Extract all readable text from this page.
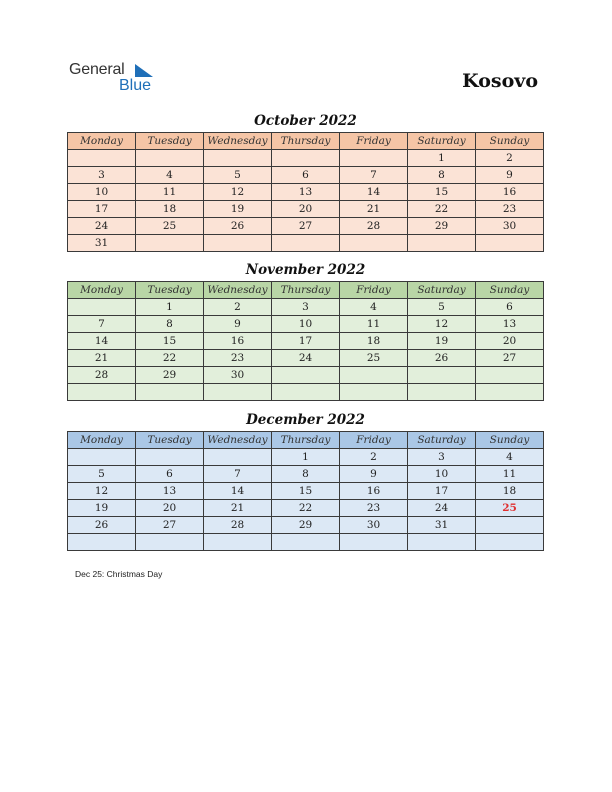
General
Blue	Kosovo
October 2022
Monday	Tuesday	Wednesday	Thursday	Friday	Saturday	Sunday
					1	2
3	4	5	6	7	8	9
10	11	12	13	14	15	16
17	18	19	20	21	22	23
24	25	26	27	28	29	30
31						
November 2022
Monday	Tuesday	Wednesday	Thursday	Friday	Saturday	Sunday
	1	2	3	4	5	6
7	8	9	10	11	12	13
14	15	16	17	18	19	20
21	22	23	24	25	26	27
28	29	30				

December 2022
Monday	Tuesday	Wednesday	Thursday	Friday	Saturday	Sunday
			1	2	3	4
5	6	7	8	9	10	11
12	13	14	15	16	17	18
19	20	21	22	23	24	25
26	27	28	29	30	31	

Dec 25: Christmas Day
